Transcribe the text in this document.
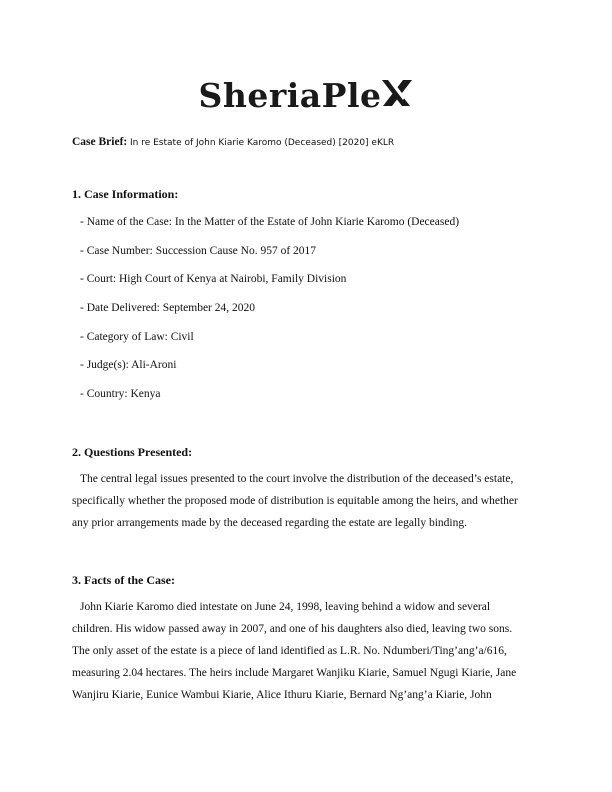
SheriaPle
Case Brief: In re Estate of John Kiarie Karomo (Deceased) [2020] eKLR
1. Case Information:
- Name of the Case: In the Matter of the Estate of John Kiarie Karomo (Deceased)
- Case Number: Succession Cause No. 957 of 2017
- Court: High Court of Kenya at Nairobi, Family Division
- Date Delivered: September 24, 2020
- Category of Law: Civil
- Judge(s): Ali-Aroni
- Country: Kenya
2. Questions Presented:

The central legal issues presented to the court involve the distribution of the deceased’s estate,
specifically whether the proposed mode of distribution is equitable among the heirs, and whether
any prior arrangements made by the deceased regarding the estate are legally binding.

3. Facts of the Case:

John Kiarie Karomo died intestate on June 24, 1998, leaving behind a widow and several
children. His widow passed away in 2007, and one of his daughters also died, leaving two sons.
The only asset of the estate is a piece of land identified as L.R. No. Ndumberi/Ting’ang’a/616,
measuring 2.04 hectares. The heirs include Margaret Wanjiku Kiarie, Samuel Ngugi Kiarie, Jane
Wanjiru Kiarie, Eunice Wambui Kiarie, Alice Ithuru Kiarie, Bernard Ng’ang’a Kiarie, John
